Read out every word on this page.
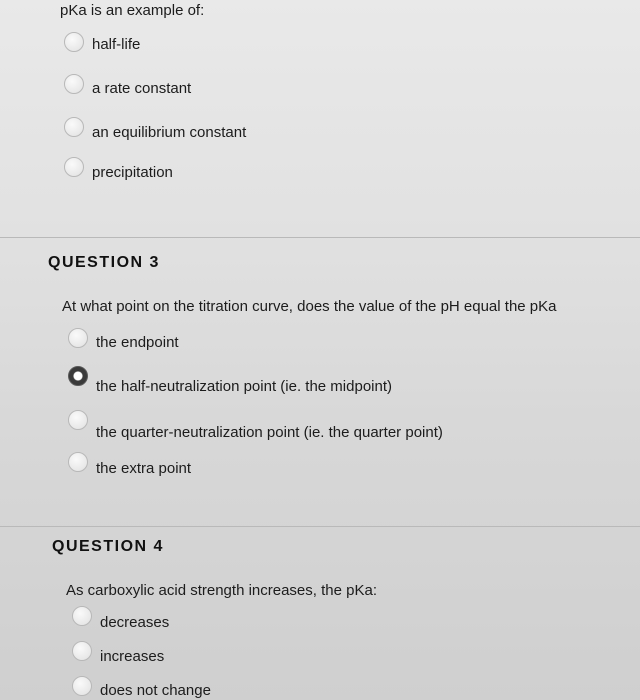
pKa is an example of:
half-life
a rate constant
an equilibrium constant
precipitation
QUESTION 3
At what point on the titration curve, does the value of the pH equal the pKa
the endpoint
the half-neutralization point (ie. the midpoint)
the quarter-neutralization point (ie. the quarter point)
the extra point
QUESTION 4
As carboxylic acid strength increases, the pKa:
decreases
increases
does not change
